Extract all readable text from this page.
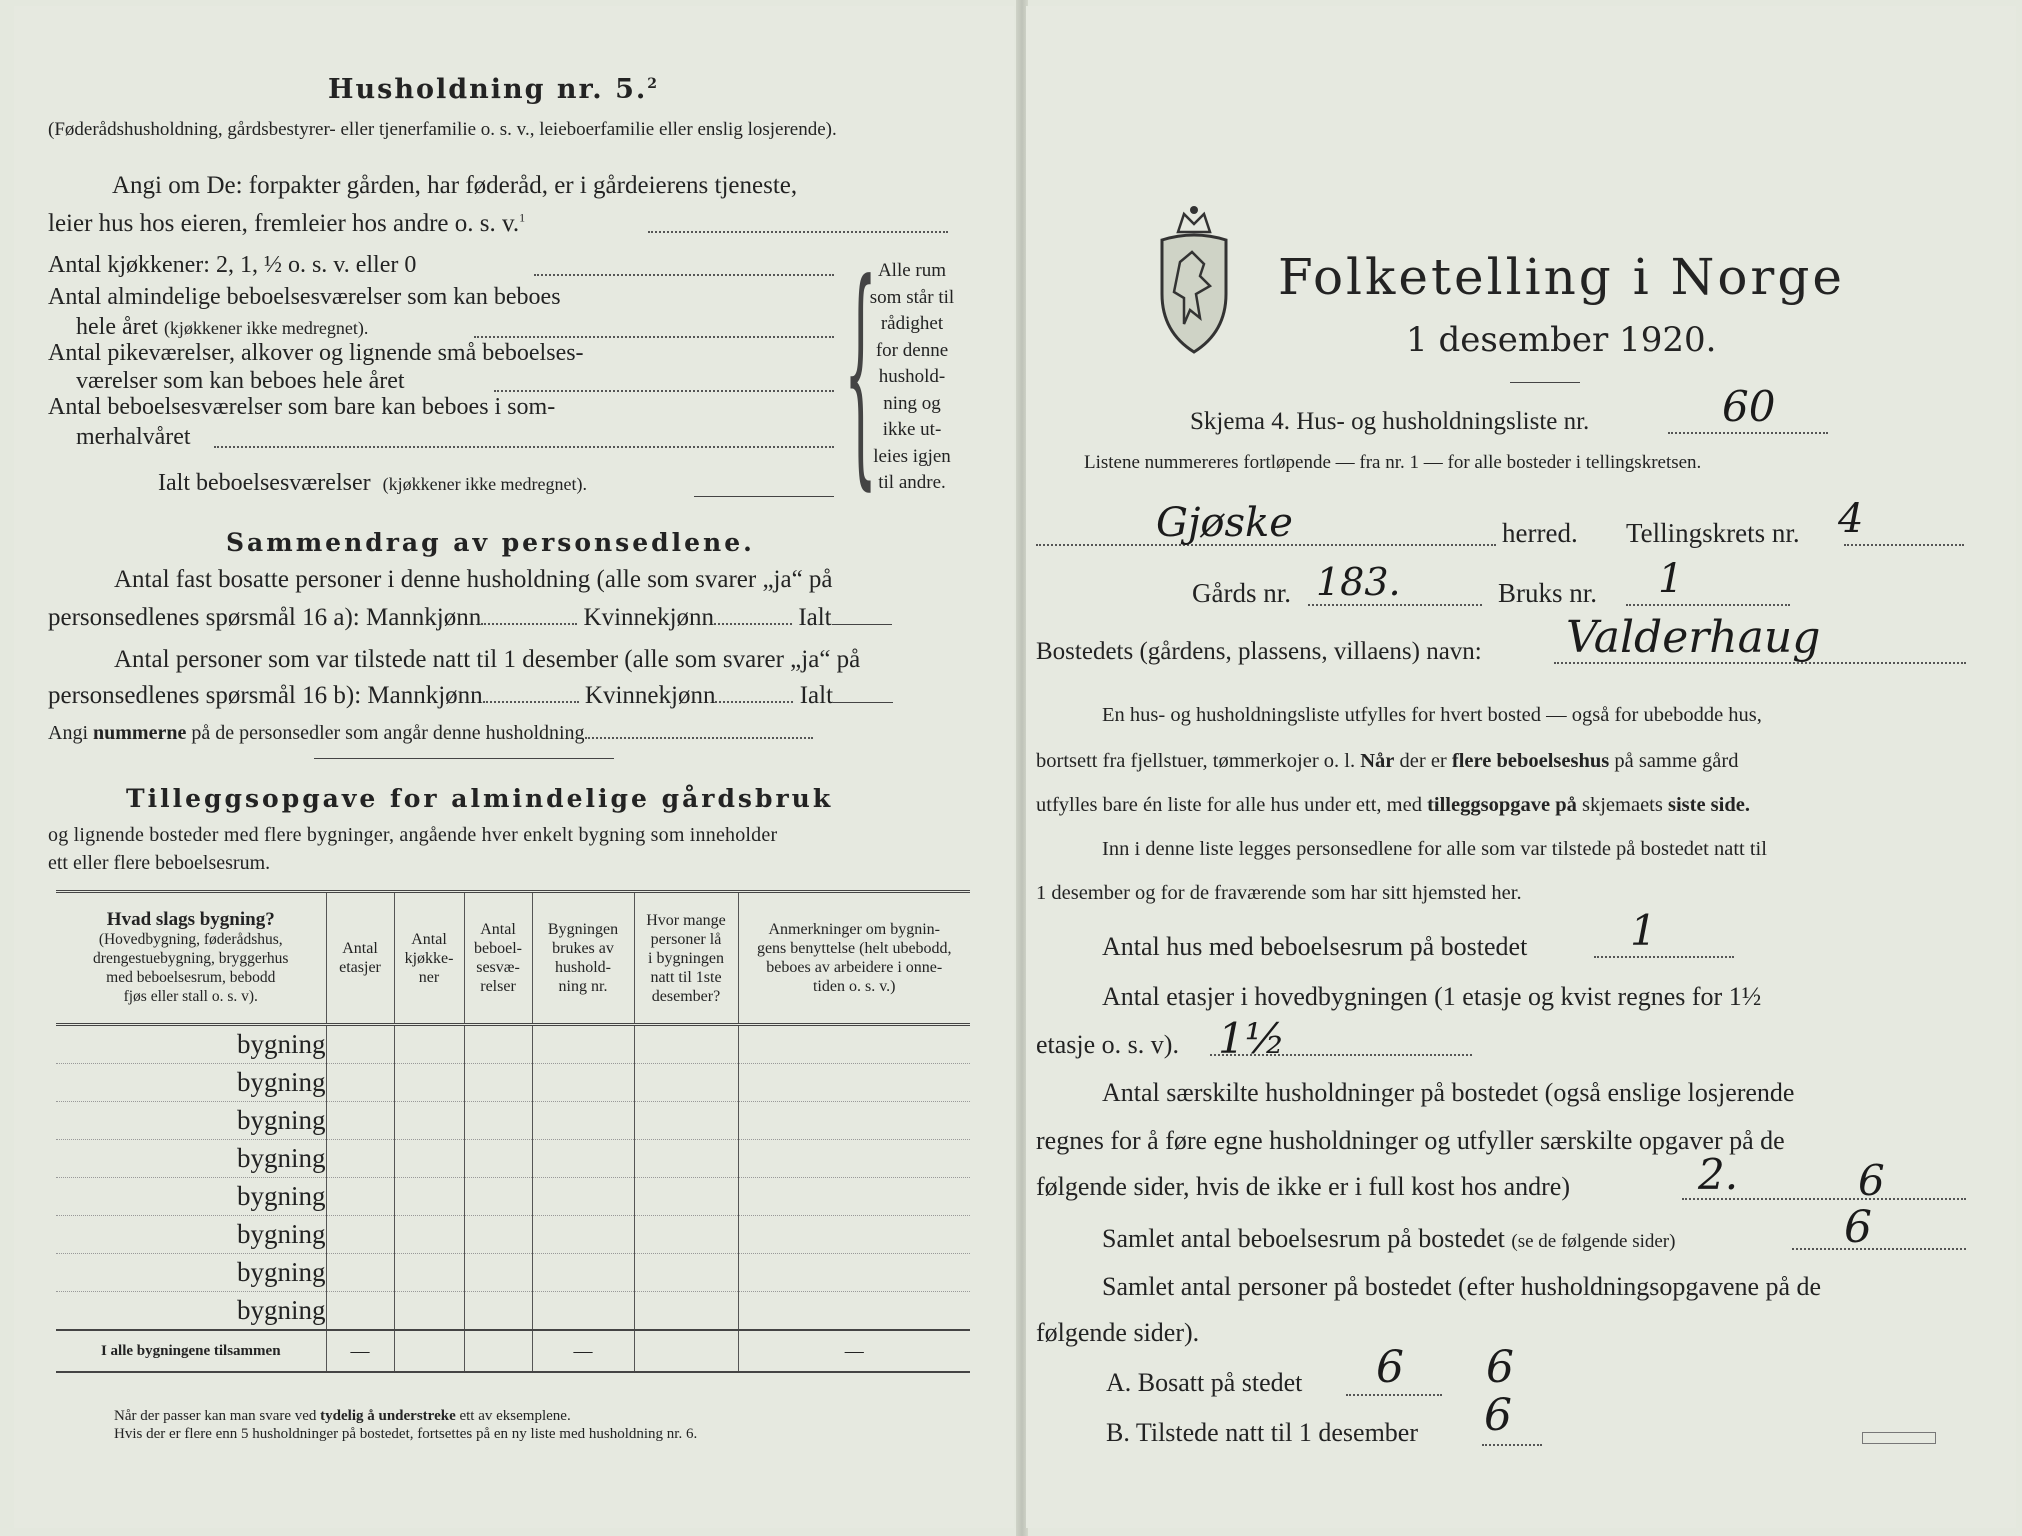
Husholdning nr. 5.$^2$
(Føderådshusholdning, gårdsbestyrer- eller tjenerfamilie o. s. v., leieboerfamilie eller enslig losjerende).
Angi om De: forpakter gården, har føderåd, er i gårdeierens tjeneste,
leier hus hos eieren, fremleier hos andre o. s. v.$^1$
Antal kjøkkener: 2, 1, ½ o. s. v. eller 0
Antal almindelige beboelsesværelser som kan beboes
hele året (kjøkkener ikke medregnet).
Antal pikeværelser, alkover og lignende små beboelses-
værelser som kan beboes hele året
Antal beboelsesværelser som bare kan beboes i som-
merhalvåret
Ialt beboelsesværelser (kjøkkener ikke medregnet).	{ Alle rum
som står til
rådighet
for denne
hushold-
ning og
ikke ut-
leies igjen
til andre.
Sammendrag av personsedlene.
Antal fast bosatte personer i denne husholdning (alle som svarer „ja“ på
personsedlenes spørsmål 16 a): Mannkjønn	Kvinnekjønn	Ialt
Antal personer som var tilstede natt til 1 desember (alle som svarer „ja“ på
personsedlenes spørsmål 16 b): Mannkjønn	Kvinnekjønn	Ialt
Angi nummerne på de personsedler som angår denne husholdning
Tilleggsopgave for almindelige gårdsbruk
og lignende bosteder med flere bygninger, angående hver enkelt bygning som inneholder
ett eller flere beboelsesrum.
Hvad slags bygning?
(Hovedbygning, føderådshus,
drengestuebygning, bryggerhus
med beboelsesrum, bebodd
fjøs eller stall o. s. v).	Antal
etasjer	Antal
kjøkke-
ner	Antal
beboel-
sesvæ-
relser	Bygningen
brukes av
hushold-
ning nr.	Hvor mange
personer lå
i bygningen
natt til 1ste
desember?	Anmerkninger om bygnin-
gens benyttelse (helt ubebodd,
beboes av arbeidere i onne-
tiden o. s. v.)
bygning						
bygning						
bygning						
bygning						
bygning						
bygning						
bygning						
bygning						
I alle bygningene tilsammen	—			—		—
Når der passer kan man svare ved tydelig å understreke ett av eksemplene.
Hvis der er flere enn 5 husholdninger på bostedet, fortsettes på en ny liste med husholdning nr. 6.
Folketelling i Norge
1 desember 1920.
Skjema 4. Hus- og husholdningsliste nr.	60
Listene nummereres fortløpende — fra nr. 1 — for alle bosteder i tellingskretsen.
Gjøske	herred. Tellingskrets nr. 4
Gårds nr. 183.	Bruks nr. 1
Bostedets (gårdens, plassens, villaens) navn: Valderhaug
En hus- og husholdningsliste utfylles for hvert bosted — også for ubebodde hus,
bortsett fra fjellstuer, tømmerkojer o. l. Når der er flere beboelseshus på samme gård
utfylles bare én liste for alle hus under ett, med tilleggsopgave på skjemaets siste side.
Inn i denne liste legges personsedlene for alle som var tilstede på bostedet natt til
1 desember og for de fraværende som har sitt hjemsted her.
Antal hus med beboelsesrum på bostedet 1
Antal etasjer i hovedbygningen (1 etasje og kvist regnes for 1½
etasje o. s. v). 1½
Antal særskilte husholdninger på bostedet (også enslige losjerende
regnes for å føre egne husholdninger og utfyller særskilte opgaver på de
følgende sider, hvis de ikke er i full kost hos andre)	2.	6
Samlet antal beboelsesrum på bostedet (se de følgende sider)	6
Samlet antal personer på bostedet (efter husholdningsopgavene på de
følgende sider).
A. Bosatt på stedet 6 6
B. Tilstede natt til 1 desember 6
